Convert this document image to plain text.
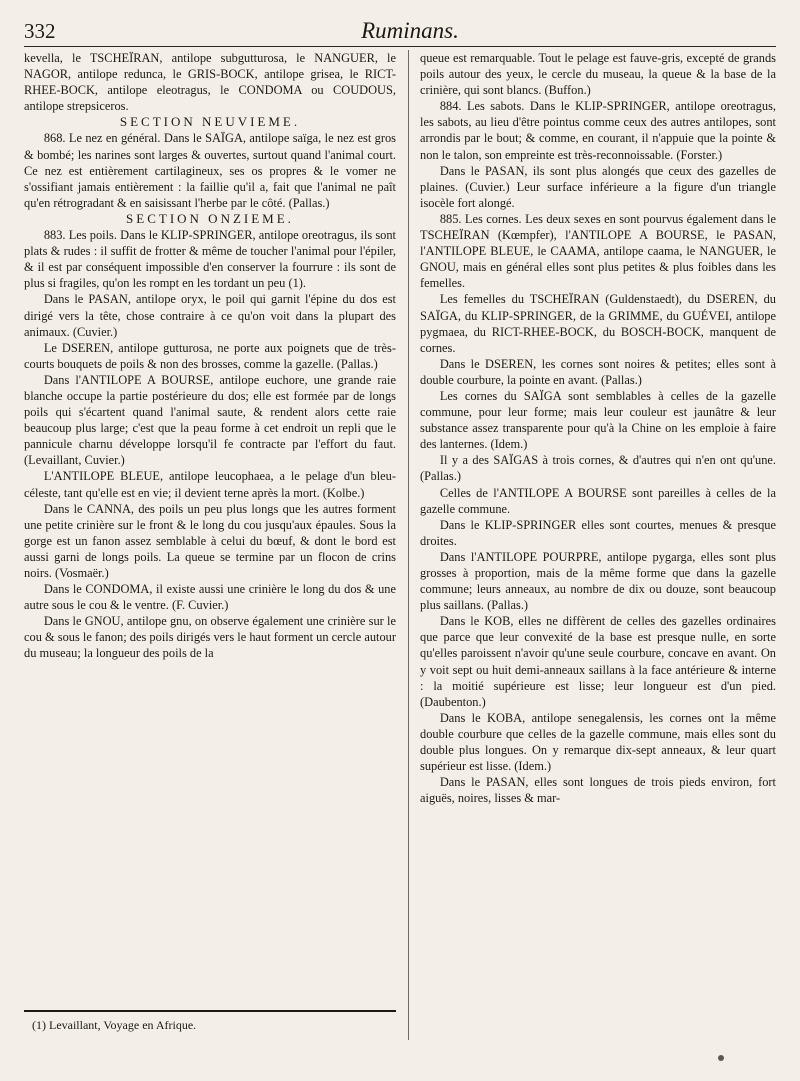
332	Ruminans.

kevella, le TSCHEÏRAN, antilope subgutturosa, le NANGUER, le NAGOR, antilope redunca, le GRIS-BOCK, antilope grisea, le RICT-RHEE-BOCK, antilope eleotragus, le CONDOMA ou COUDOUS, antilope strepsiceros.

SECTION NEUVIEME.

868. Le nez en général. Dans le SAÏGA, antilope saïga, le nez est gros & bombé; les narines sont larges & ouvertes, surtout quand l'animal court. Ce nez est entièrement cartilagineux, ses os propres & le vomer ne s'ossifiant jamais entièrement : la faillie qu'il a, fait que l'animal ne paît qu'en rétrogradant & en saisissant l'herbe par le côté. (Pallas.)

SECTION ONZIEME.

883. Les poils. Dans le KLIP-SPRINGER, antilope oreotragus, ils sont plats & rudes : il suffit de frotter & même de toucher l'animal pour l'épiler, & il est par conséquent impossible d'en conserver la fourrure : ils sont de plus si fragiles, qu'on les rompt en les tordant un peu (1).

Dans le PASAN, antilope oryx, le poil qui garnit l'épine du dos est dirigé vers la tête, chose contraire à ce qu'on voit dans la plupart des animaux. (Cuvier.)

Le DSEREN, antilope gutturosa, ne porte aux poignets que de très-courts bouquets de poils & non des brosses, comme la gazelle. (Pallas.)

Dans l'ANTILOPE A BOURSE, antilope euchore, une grande raie blanche occupe la partie postérieure du dos; elle est formée par de longs poils qui s'écartent quand l'animal saute, & rendent alors cette raie beaucoup plus large; c'est que la peau forme à cet endroit un repli que le pannicule charnu développe lorsqu'il fe contracte par l'effort du faut. (Levaillant, Cuvier.)

L'ANTILOPE BLEUE, antilope leucophaea, a le pelage d'un bleu-céleste, tant qu'elle est en vie; il devient terne après la mort. (Kolbe.)

Dans le CANNA, des poils un peu plus longs que les autres forment une petite crinière sur le front & le long du cou jusqu'aux épaules. Sous la gorge est un fanon assez semblable à celui du bœuf, & dont le bord est aussi garni de longs poils. La queue se termine par un flocon de crins noirs. (Vosmaër.)

Dans le CONDOMA, il existe aussi une crinière le long du dos & une autre sous le cou & le ventre. (F. Cuvier.)

Dans le GNOU, antilope gnu, on observe également une crinière sur le cou & sous le fanon; des poils dirigés vers le haut forment un cercle autour du museau; la longueur des poils de la

queue est remarquable. Tout le pelage est fauve-gris, excepté de grands poils autour des yeux, le cercle du museau, la queue & la base de la crinière, qui sont blancs. (Buffon.)

884. Les sabots. Dans le KLIP-SPRINGER, antilope oreotragus, les sabots, au lieu d'être pointus comme ceux des autres antilopes, sont arrondis par le bout; & comme, en courant, il n'appuie que la pointe & non le talon, son empreinte est très-reconnoissable. (Forster.)

Dans le PASAN, ils sont plus alongés que ceux des gazelles de plaines. (Cuvier.) Leur surface inférieure a la figure d'un triangle isocèle fort alongé.

885. Les cornes. Les deux sexes en sont pourvus également dans le TSCHEÏRAN (Kœmpfer), l'ANTILOPE A BOURSE, le PASAN, l'ANTILOPE BLEUE, le CAAMA, antilope caama, le NANGUER, le GNOU, mais en général elles sont plus petites & plus foibles dans les femelles.

Les femelles du TSCHEÏRAN (Guldenstaedt), du DSEREN, du SAÏGA, du KLIP-SPRINGER, de la GRIMME, du GUÉVEI, antilope pygmaea, du RICT-RHEE-BOCK, du BOSCH-BOCK, manquent de cornes.

Dans le DSEREN, les cornes sont noires & petites; elles sont à double courbure, la pointe en avant. (Pallas.)

Les cornes du SAÏGA sont semblables à celles de la gazelle commune, pour leur forme; mais leur couleur est jaunâtre & leur substance assez transparente pour qu'à la Chine on les emploie à faire des lanternes. (Idem.)

Il y a des SAÏGAS à trois cornes, & d'autres qui n'en ont qu'une. (Pallas.)

Celles de l'ANTILOPE A BOURSE sont pareilles à celles de la gazelle commune.

Dans le KLIP-SPRINGER elles sont courtes, menues & presque droites.

Dans l'ANTILOPE POURPRE, antilope pygarga, elles sont plus grosses à proportion, mais de la même forme que dans la gazelle commune; leurs anneaux, au nombre de dix ou douze, sont beaucoup plus saillans. (Pallas.)

Dans le KOB, elles ne diffèrent de celles des gazelles ordinaires que parce que leur convexité de la base est presque nulle, en sorte qu'elles paroissent n'avoir qu'une seule courbure, concave en avant. On y voit sept ou huit demi-anneaux saillans à la face antérieure & interne : la moitié supérieure est lisse; leur longueur est d'un pied. (Daubenton.)

Dans le KOBA, antilope senegalensis, les cornes ont la même double courbure que celles de la gazelle commune, mais elles sont du double plus longues. On y remarque dix-sept anneaux, & leur quart supérieur est lisse. (Idem.)

Dans le PASAN, elles sont longues de trois pieds environ, fort aiguës, noires, lisses & mar-

(1) Levaillant, Voyage en Afrique.
